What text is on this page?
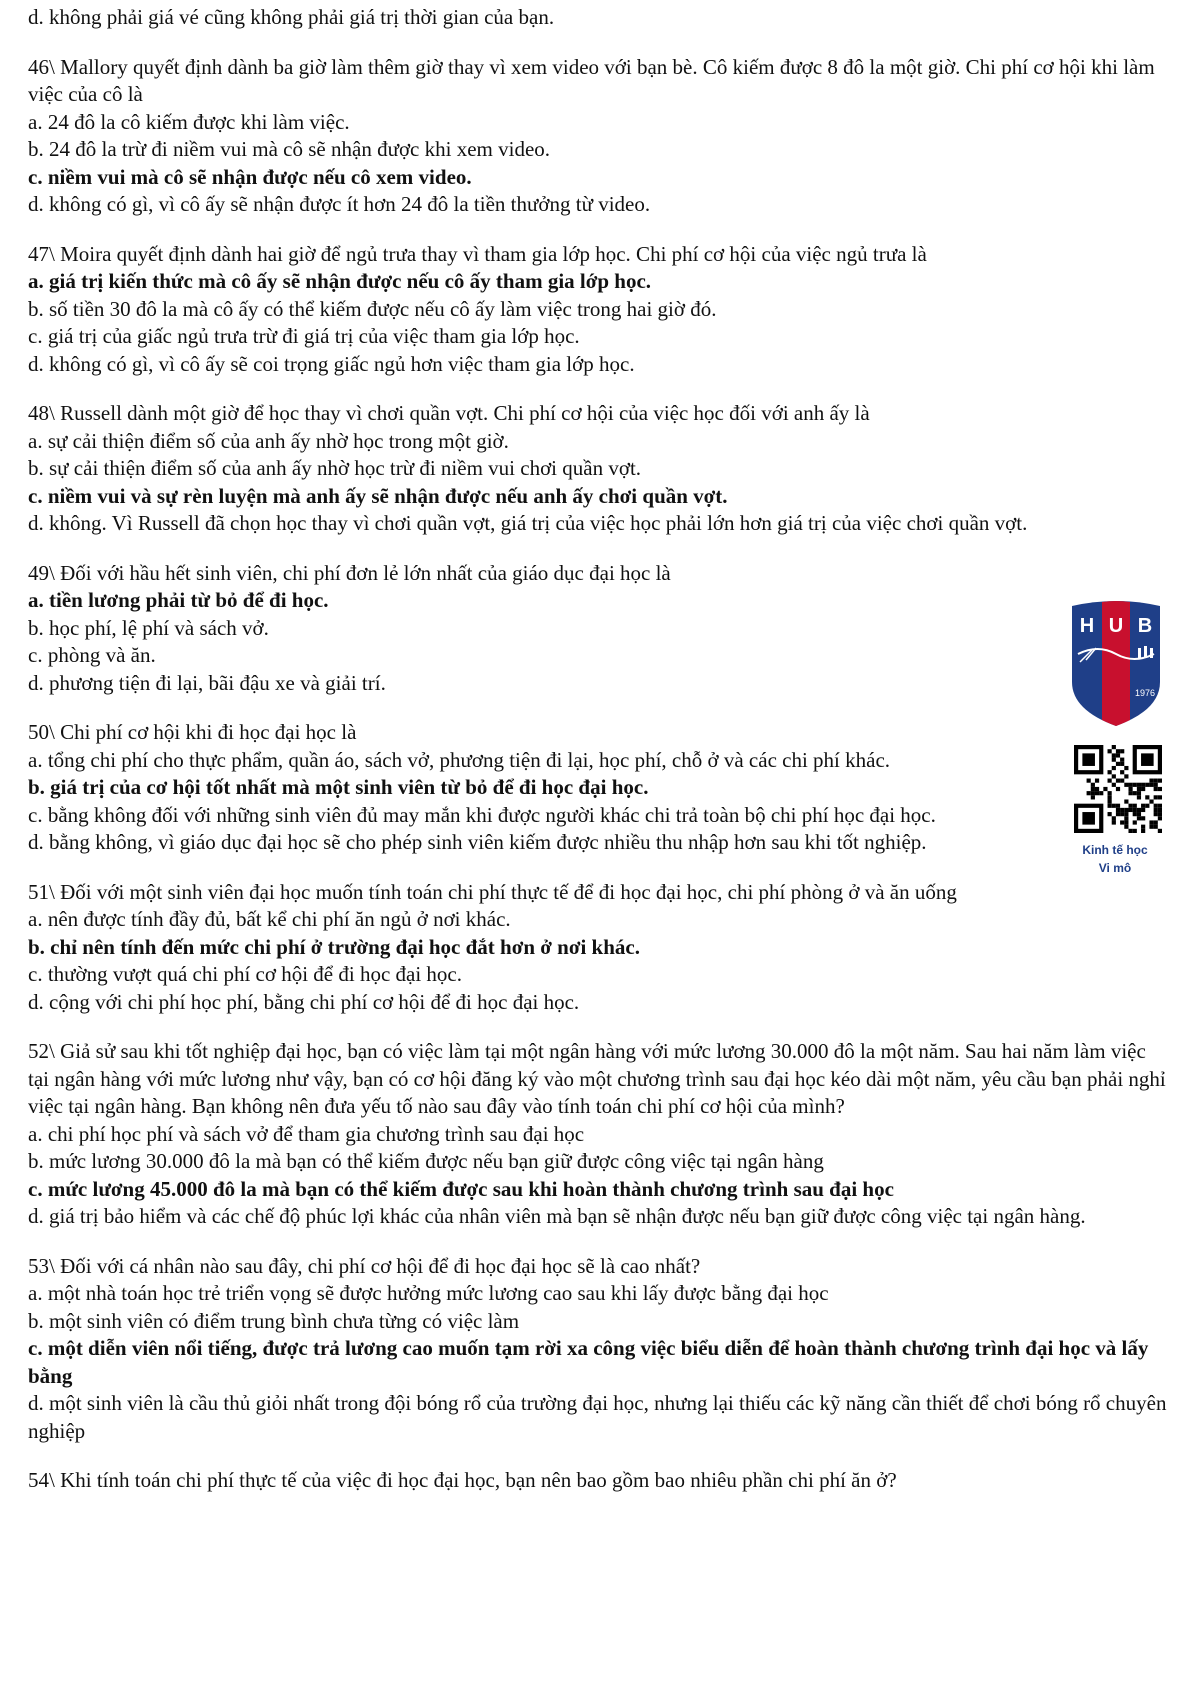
d. không phải giá vé cũng không phải giá trị thời gian của bạn.

46\ Mallory quyết định dành ba giờ làm thêm giờ thay vì xem video với bạn bè. Cô kiếm được 8 đô la một giờ. Chi phí cơ hội khi làm việc của cô là

a. 24 đô la cô kiếm được khi làm việc.

b. 24 đô la trừ đi niềm vui mà cô sẽ nhận được khi xem video.

c. niềm vui mà cô sẽ nhận được nếu cô xem video.

d. không có gì, vì cô ấy sẽ nhận được ít hơn 24 đô la tiền thưởng từ video.

47\ Moira quyết định dành hai giờ để ngủ trưa thay vì tham gia lớp học. Chi phí cơ hội của việc ngủ trưa là

a. giá trị kiến thức mà cô ấy sẽ nhận được nếu cô ấy tham gia lớp học.

b. số tiền 30 đô la mà cô ấy có thể kiếm được nếu cô ấy làm việc trong hai giờ đó.

c. giá trị của giấc ngủ trưa trừ đi giá trị của việc tham gia lớp học.

d. không có gì, vì cô ấy sẽ coi trọng giấc ngủ hơn việc tham gia lớp học.

48\ Russell dành một giờ để học thay vì chơi quần vợt. Chi phí cơ hội của việc học đối với anh ấy là

a. sự cải thiện điểm số của anh ấy nhờ học trong một giờ.

b. sự cải thiện điểm số của anh ấy nhờ học trừ đi niềm vui chơi quần vợt.

c. niềm vui và sự rèn luyện mà anh ấy sẽ nhận được nếu anh ấy chơi quần vợt.

d. không. Vì Russell đã chọn học thay vì chơi quần vợt, giá trị của việc học phải lớn hơn giá trị của việc chơi quần vợt.

49\ Đối với hầu hết sinh viên, chi phí đơn lẻ lớn nhất của giáo dục đại học là

a. tiền lương phải từ bỏ để đi học.

b. học phí, lệ phí và sách vở.

c. phòng và ăn.

d. phương tiện đi lại, bãi đậu xe và giải trí.

50\ Chi phí cơ hội khi đi học đại học là

a. tổng chi phí cho thực phẩm, quần áo, sách vở, phương tiện đi lại, học phí, chỗ ở và các chi phí khác.

b. giá trị của cơ hội tốt nhất mà một sinh viên từ bỏ để đi học đại học.

c. bằng không đối với những sinh viên đủ may mắn khi được người khác chi trả toàn bộ chi phí học đại học.

d. bằng không, vì giáo dục đại học sẽ cho phép sinh viên kiếm được nhiều thu nhập hơn sau khi tốt nghiệp.

51\ Đối với một sinh viên đại học muốn tính toán chi phí thực tế để đi học đại học, chi phí phòng ở và ăn uống

a. nên được tính đầy đủ, bất kể chi phí ăn ngủ ở nơi khác.

b. chỉ nên tính đến mức chi phí ở trường đại học đắt hơn ở nơi khác.

c. thường vượt quá chi phí cơ hội để đi học đại học.

d. cộng với chi phí học phí, bằng chi phí cơ hội để đi học đại học.

52\ Giả sử sau khi tốt nghiệp đại học, bạn có việc làm tại một ngân hàng với mức lương 30.000 đô la một năm. Sau hai năm làm việc tại ngân hàng với mức lương như vậy, bạn có cơ hội đăng ký vào một chương trình sau đại học kéo dài một năm, yêu cầu bạn phải nghỉ việc tại ngân hàng. Bạn không nên đưa yếu tố nào sau đây vào tính toán chi phí cơ hội của mình?

a. chi phí học phí và sách vở để tham gia chương trình sau đại học

b. mức lương 30.000 đô la mà bạn có thể kiếm được nếu bạn giữ được công việc tại ngân hàng

c. mức lương 45.000 đô la mà bạn có thể kiếm được sau khi hoàn thành chương trình sau đại học

d. giá trị bảo hiểm và các chế độ phúc lợi khác của nhân viên mà bạn sẽ nhận được nếu bạn giữ được công việc tại ngân hàng.

53\ Đối với cá nhân nào sau đây, chi phí cơ hội để đi học đại học sẽ là cao nhất?

a. một nhà toán học trẻ triển vọng sẽ được hưởng mức lương cao sau khi lấy được bằng đại học

b. một sinh viên có điểm trung bình chưa từng có việc làm

c. một diễn viên nổi tiếng, được trả lương cao muốn tạm rời xa công việc biểu diễn để hoàn thành chương trình đại học và lấy bằng

d. một sinh viên là cầu thủ giỏi nhất trong đội bóng rổ của trường đại học, nhưng lại thiếu các kỹ năng cần thiết để chơi bóng rổ chuyên nghiệp

54\ Khi tính toán chi phí thực tế của việc đi học đại học, bạn nên bao gồm bao nhiêu phần chi phí ăn ở?

H U B
1976
Kinh tế học
Vi mô
